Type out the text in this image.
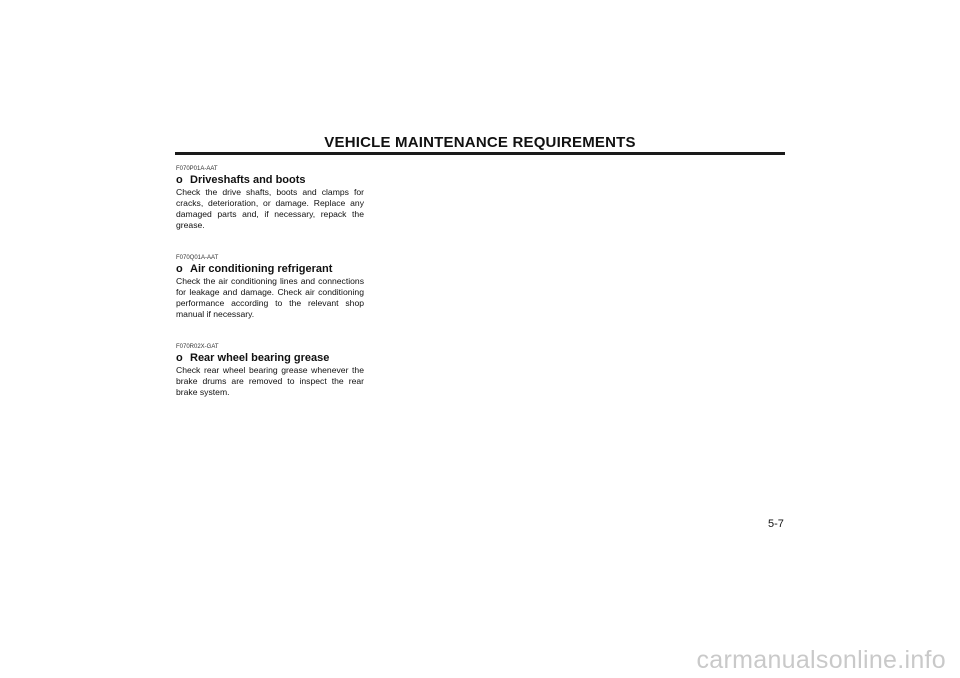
VEHICLE MAINTENANCE REQUIREMENTS
F070P01A-AAT
o Driveshafts and boots
Check the drive shafts, boots and clamps for cracks, deterioration, or damage. Replace any damaged parts and, if necessary, repack the grease.
F070Q01A-AAT
o Air conditioning refrigerant
Check the air conditioning lines and connections for leakage and damage. Check air conditioning performance according to the relevant shop manual if necessary.
F070R02X-GAT
o Rear wheel bearing grease
Check rear wheel bearing grease whenever the brake drums are removed to inspect the rear brake system.
5-7
carmanualsonline.info
